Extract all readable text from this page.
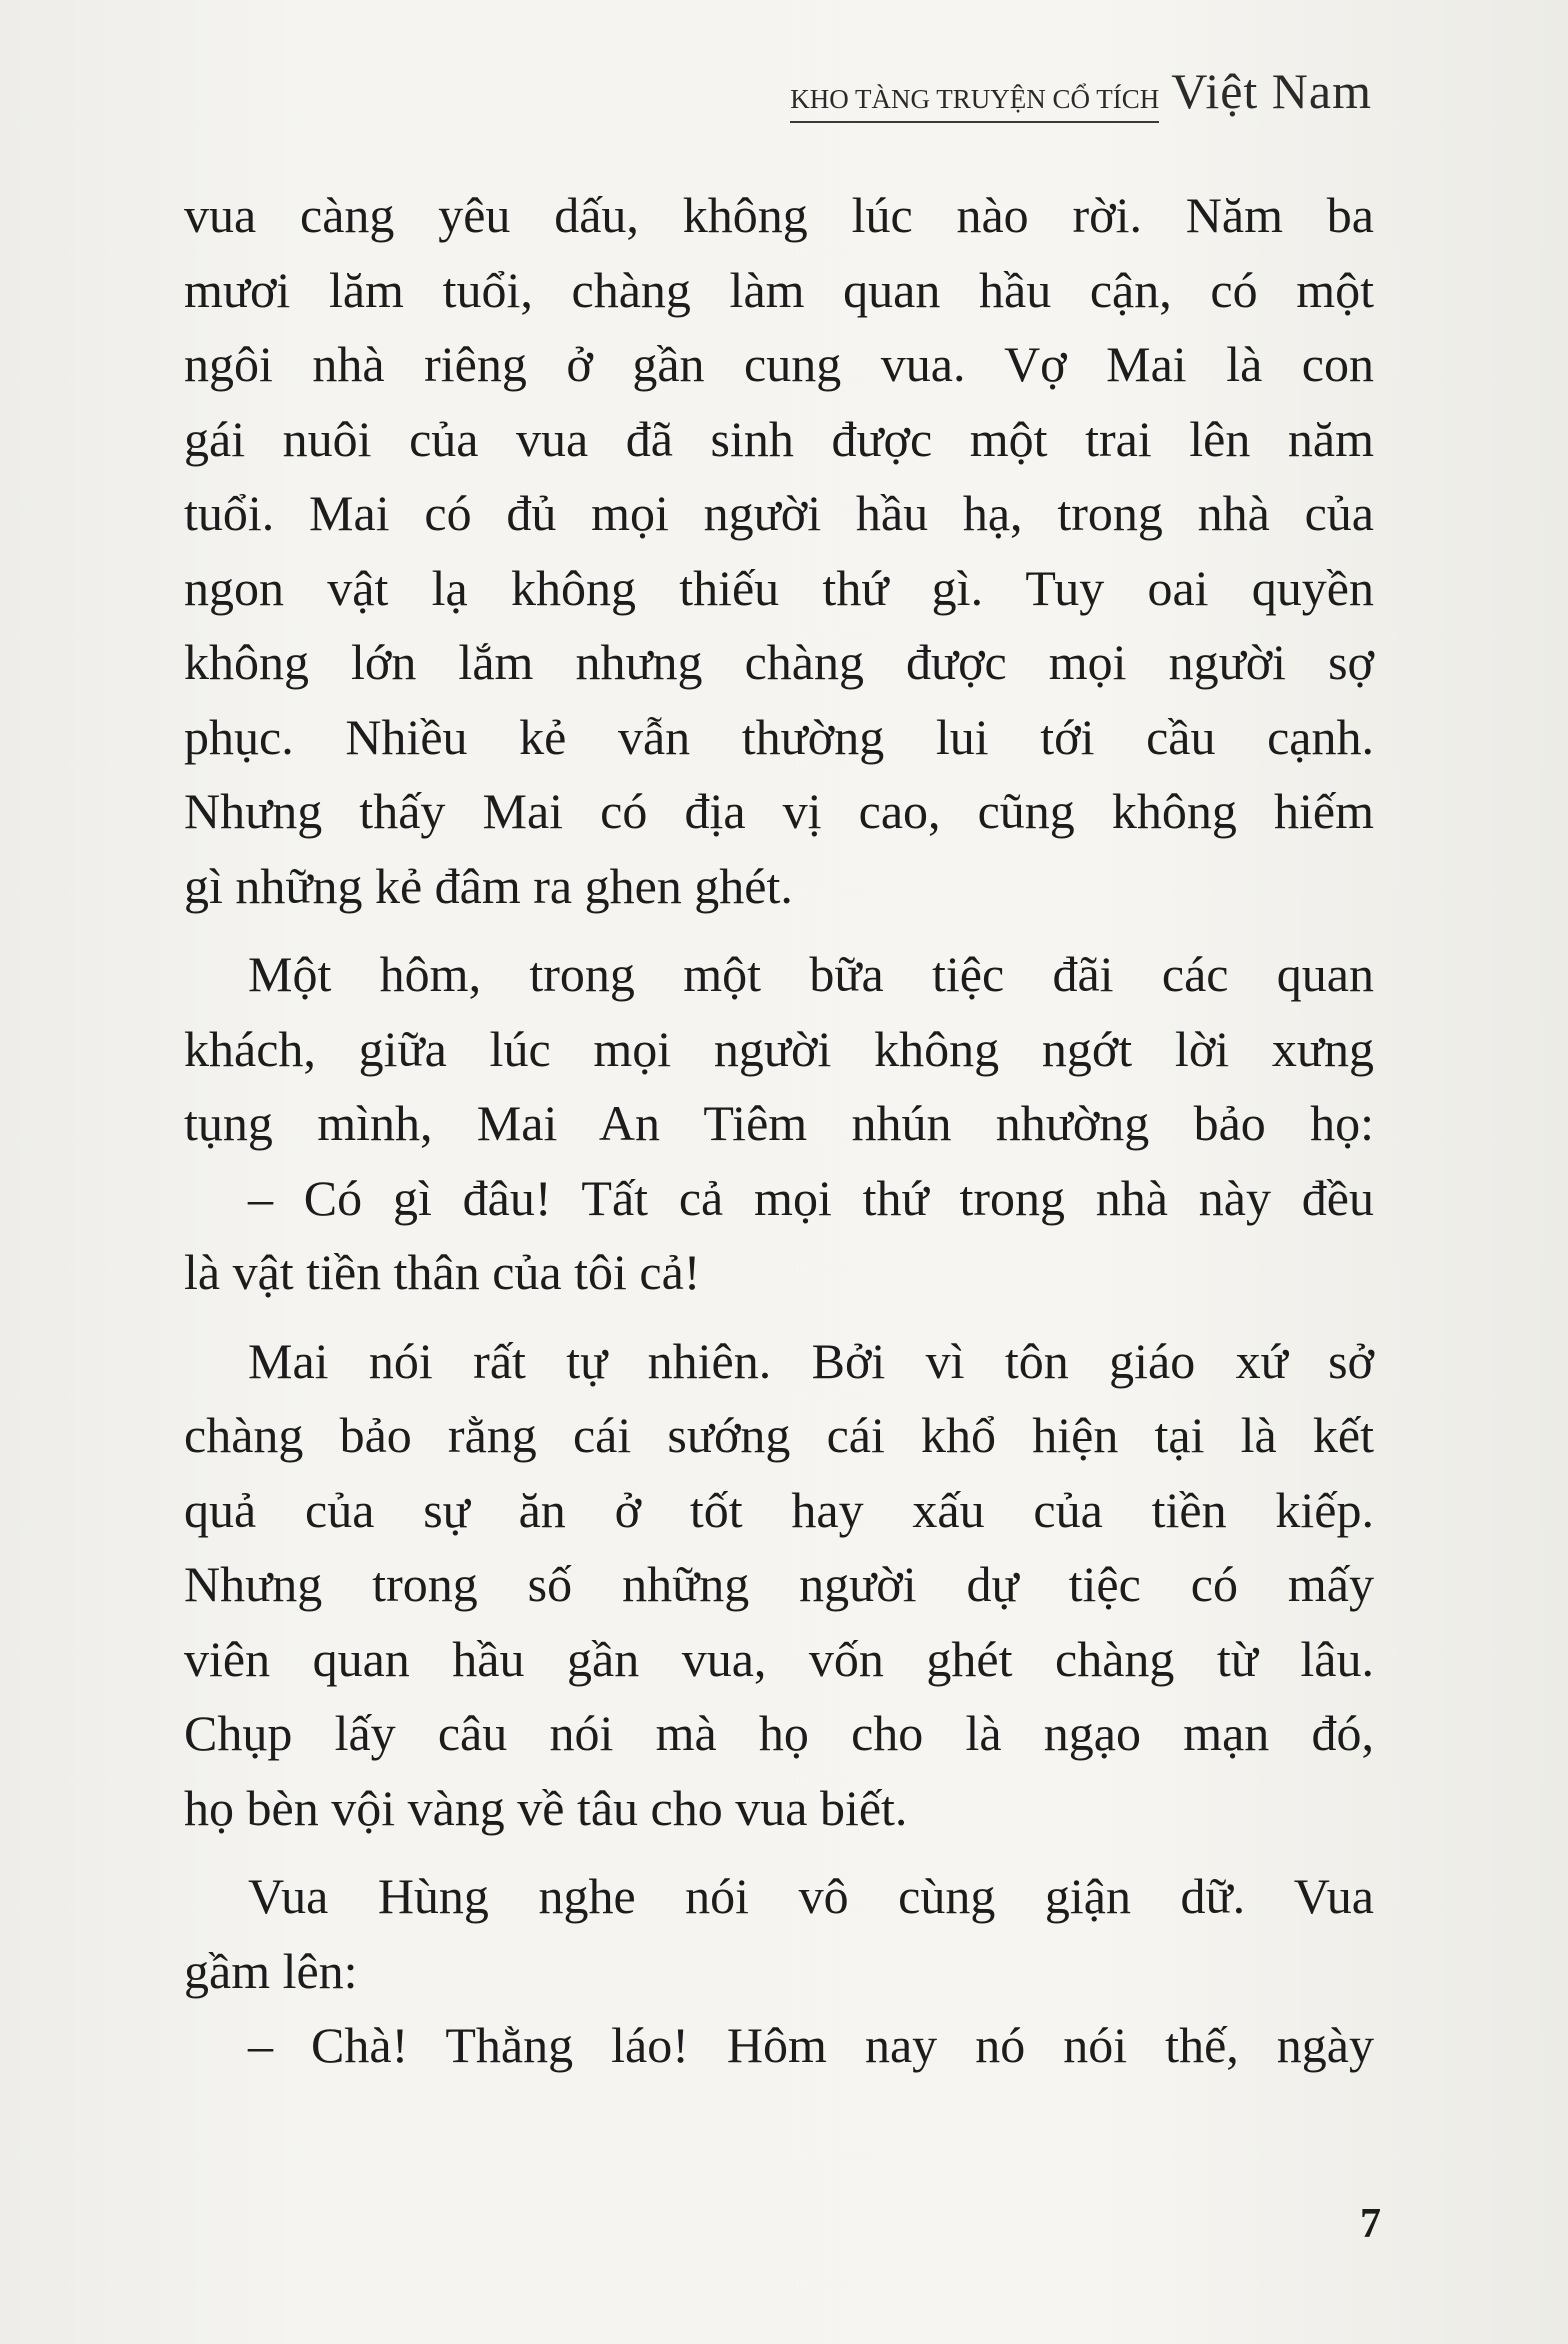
KHO TÀNG TRUYỆN CỔ TÍCH Việt Nam

vua càng yêu dấu, không lúc nào rời. Năm ba

mươi lăm tuổi, chàng làm quan hầu cận, có một

ngôi nhà riêng ở gần cung vua. Vợ Mai là con

gái nuôi của vua đã sinh được một trai lên năm

tuổi. Mai có đủ mọi người hầu hạ, trong nhà của

ngon vật lạ không thiếu thứ gì. Tuy oai quyền

không lớn lắm nhưng chàng được mọi người sợ

phục. Nhiều kẻ vẫn thường lui tới cầu cạnh.

Nhưng thấy Mai có địa vị cao, cũng không hiếm

gì những kẻ đâm ra ghen ghét.

Một hôm, trong một bữa tiệc đãi các quan

khách, giữa lúc mọi người không ngớt lời xưng

tụng mình, Mai An Tiêm nhún nhường bảo họ:

– Có gì đâu! Tất cả mọi thứ trong nhà này đều

là vật tiền thân của tôi cả!

Mai nói rất tự nhiên. Bởi vì tôn giáo xứ sở

chàng bảo rằng cái sướng cái khổ hiện tại là kết

quả của sự ăn ở tốt hay xấu của tiền kiếp.

Nhưng trong số những người dự tiệc có mấy

viên quan hầu gần vua, vốn ghét chàng từ lâu.

Chụp lấy câu nói mà họ cho là ngạo mạn đó,

họ bèn vội vàng về tâu cho vua biết.

Vua Hùng nghe nói vô cùng giận dữ. Vua

gầm lên:

– Chà! Thằng láo! Hôm nay nó nói thế, ngày

7
